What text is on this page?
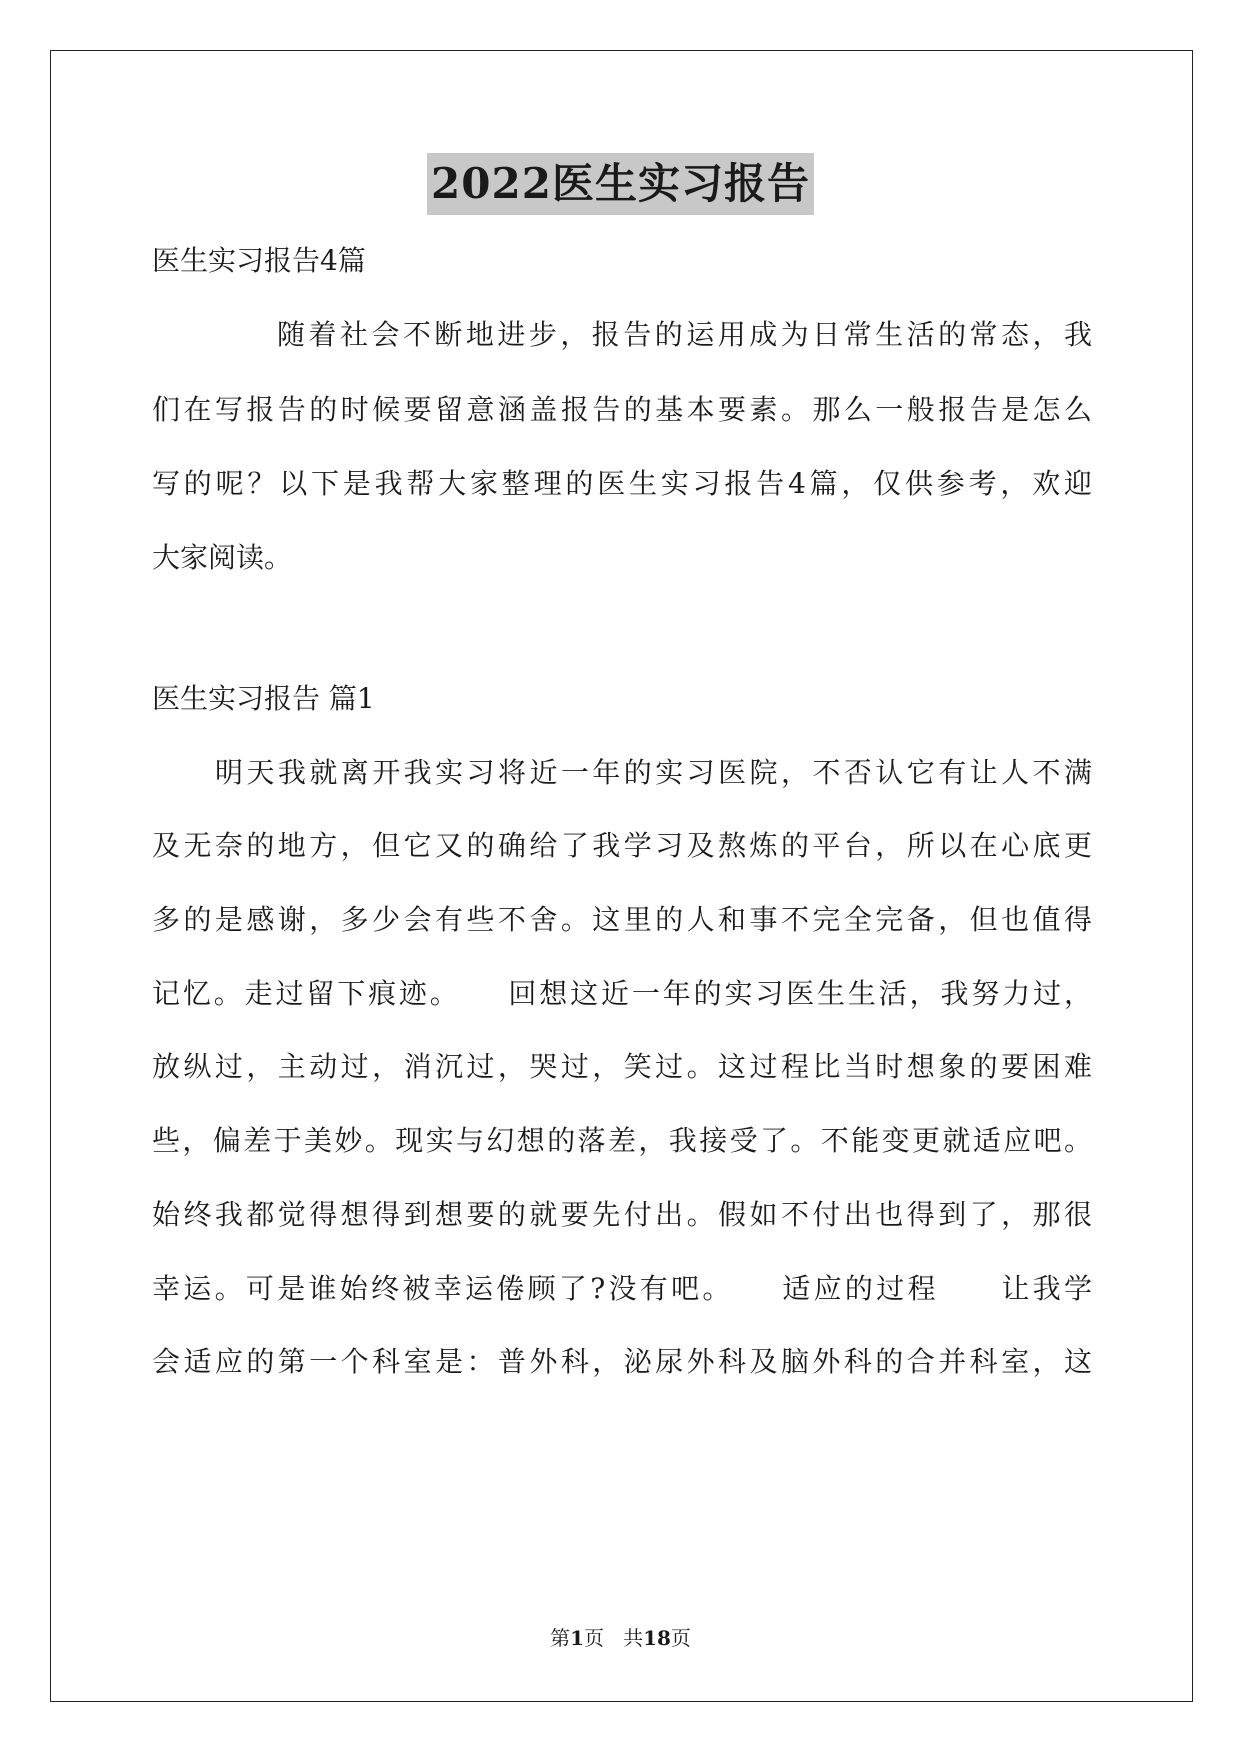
2022医生实习报告
医生实习报告4篇
随着社会不断地进步，报告的运用成为日常生活的常态，我
们在写报告的时候要留意涵盖报告的基本要素。那么一般报告是怎么
写的呢？以下是我帮大家整理的医生实习报告4篇，仅供参考，欢迎
大家阅读。
医生实习报告 篇1
明天我就离开我实习将近一年的实习医院，不否认它有让人不满
及无奈的地方，但它又的确给了我学习及熬炼的平台，所以在心底更
多的是感谢，多少会有些不舍。这里的人和事不完全完备，但也值得
记忆。走过留下痕迹。　　回想这近一年的实习医生生活，我努力过，
放纵过，主动过，消沉过，哭过，笑过。这过程比当时想象的要困难
些，偏差于美妙。现实与幻想的落差，我接受了。不能变更就适应吧。
始终我都觉得想得到想要的就要先付出。假如不付出也得到了，那很
幸运。可是谁始终被幸运倦顾了?没有吧。　　适应的过程　　让我学
会适应的第一个科室是：普外科，泌尿外科及脑外科的合并科室，这
第1页 共18页
